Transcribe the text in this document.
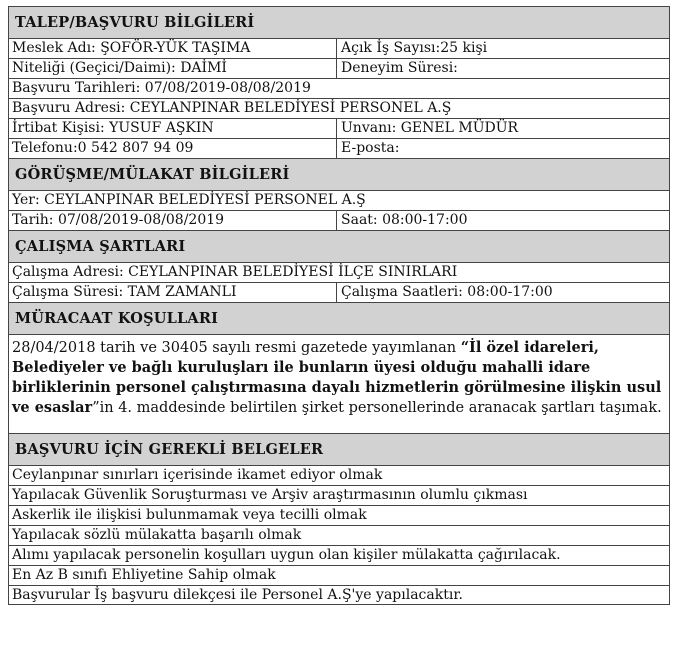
TALEP/BAŞVURU BİLGİLERİ
Meslek Adı: ŞOFÖR-YÜK TAŞIMA	Açık İş Sayısı:25 kişi
Niteliği (Geçici/Daimi): DAİMİ	Deneyim Süresi:
Başvuru Tarihleri: 07/08/2019-08/08/2019
Başvuru Adresi: CEYLANPINAR BELEDİYESİ PERSONEL A.Ş
İrtibat Kişisi: YUSUF AŞKIN	Unvanı: GENEL MÜDÜR
Telefonu:0 542 807 94 09	E-posta:
GÖRÜŞME/MÜLAKAT BİLGİLERİ
Yer: CEYLANPINAR BELEDİYESİ PERSONEL A.Ş
Tarih: 07/08/2019-08/08/2019	Saat: 08:00-17:00
ÇALIŞMA ŞARTLARI
Çalışma Adresi: CEYLANPINAR BELEDİYESİ İLÇE SINIRLARI
Çalışma Süresi: TAM ZAMANLI	Çalışma Saatleri: 08:00-17:00
MÜRACAAT KOŞULLARI
28/04/2018 tarih ve 30405 sayılı resmi gazetede yayımlanan “İl özel idareleri, Belediyeler ve bağlı kuruluşları ile bunların üyesi olduğu mahalli idare birliklerinin personel çalıştırmasına dayalı hizmetlerin görülmesine ilişkin usul ve esaslar”in 4. maddesinde belirtilen şirket personellerinde aranacak şartları taşımak.
BAŞVURU İÇİN GEREKLİ BELGELER
Ceylanpınar sınırları içerisinde ikamet ediyor olmak
Yapılacak Güvenlik Soruşturması ve Arşiv araştırmasının olumlu çıkması
Askerlik ile ilişkisi bulunmamak veya tecilli olmak
Yapılacak sözlü mülakatta başarılı olmak
Alımı yapılacak personelin koşulları uygun olan kişiler mülakatta çağırılacak.
En Az B sınıfı Ehliyetine Sahip olmak
Başvurular İş başvuru dilekçesi ile Personel A.Ş'ye yapılacaktır.
